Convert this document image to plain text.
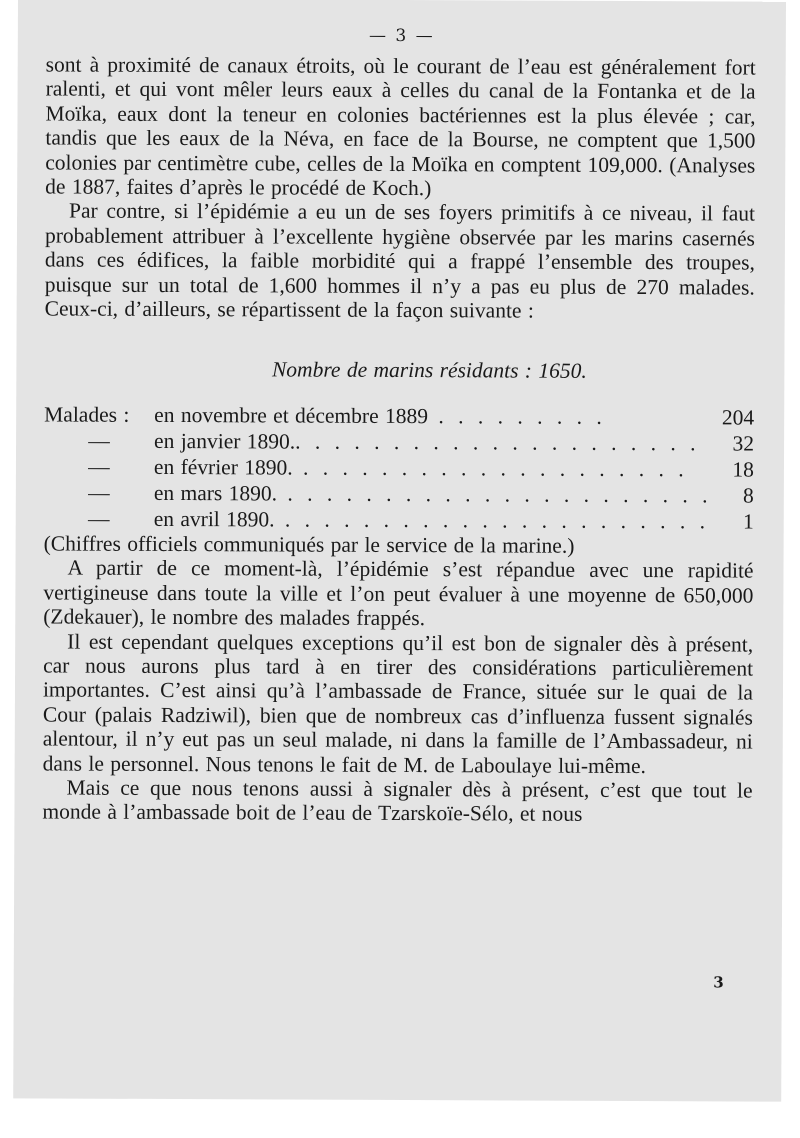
— 3 —

sont à proximité de canaux étroits, où le courant de l’eau est généralement fort ralenti, et qui vont mêler leurs eaux à celles du canal de la Fontanka et de la Moïka, eaux dont la teneur en colonies bactériennes est la plus élevée ; car, tandis que les eaux de la Néva, en face de la Bourse, ne comptent que 1,500 colonies par centimètre cube, celles de la Moïka en comptent 109,000. (Analyses de 1887, faites d’après le procédé de Koch.)

Par contre, si l’épidémie a eu un de ses foyers primitifs à ce niveau, il faut probablement attribuer à l’excellente hygiène observée par les marins casernés dans ces édifices, la faible morbidité qui a frappé l’ensemble des troupes, puisque sur un total de 1,600 hommes il n’y a pas eu plus de 270 malades. Ceux-ci, d’ailleurs, se répartissent de la façon suivante :

Nombre de marins résidants : 1650.
Malades :	en novembre et décembre 1889 . . . . . . . . .	204
—	en janvier 1890.. . . . . . . . . . . . . . . . . . . . .	32
—	en février 1890. . . . . . . . . . . . . . . . . . . . .	18
—	en mars 1890. . . . . . . . . . . . . . . . . . . . . . .	8
—	en avril 1890. . . . . . . . . . . . . . . . . . . . . . .	1

(Chiffres officiels communiqués par le service de la marine.)

A partir de ce moment-là, l’épidémie s’est répandue avec une rapidité vertigineuse dans toute la ville et l’on peut évaluer à une moyenne de 650,000 (Zdekauer), le nombre des malades frappés.

Il est cependant quelques exceptions qu’il est bon de signaler dès à présent, car nous aurons plus tard à en tirer des considérations particulièrement importantes. C’est ainsi qu’à l’ambassade de France, située sur le quai de la Cour (palais Radziwil), bien que de nombreux cas d’influenza fussent signalés alentour, il n’y eut pas un seul malade, ni dans la famille de l’Ambassadeur, ni dans le personnel. Nous tenons le fait de M. de Laboulaye lui-même.

Mais ce que nous tenons aussi à signaler dès à présent, c’est que tout le monde à l’ambassade boit de l’eau de Tzarskoïe-Sélo, et nous

3
